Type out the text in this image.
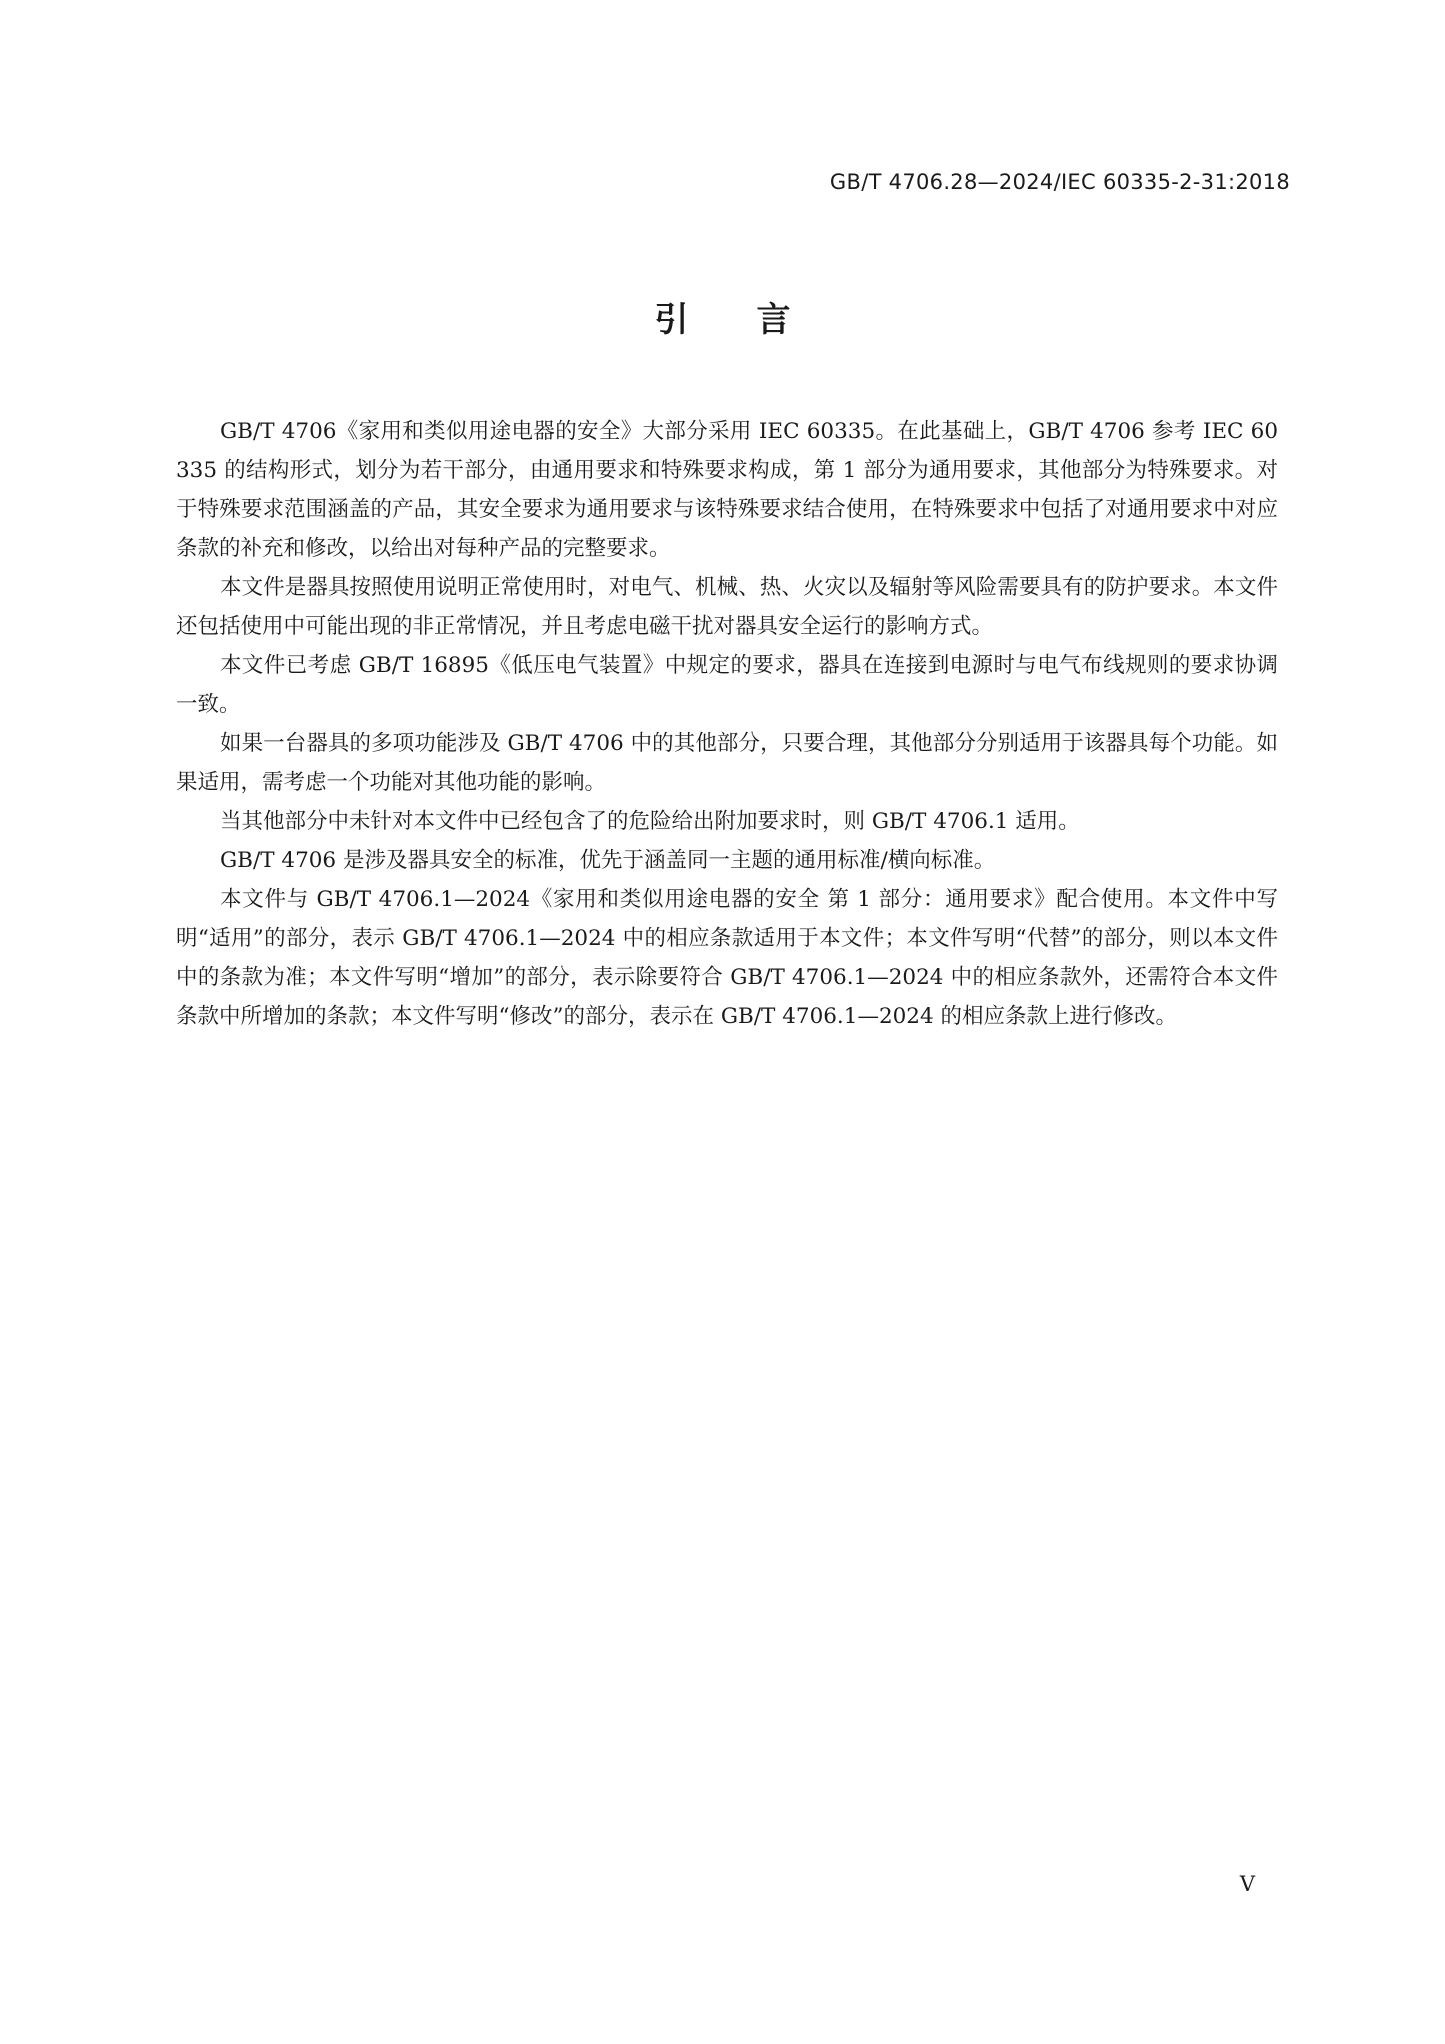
GB/T 4706.28—2024/IEC 60335-2-31:2018
引言

GB/T 4706《家用和类似用途电器的安全》大部分采用 IEC 60335。在此基础上，GB/T 4706 参考 IEC 60335 的结构形式，划分为若干部分，由通用要求和特殊要求构成，第 1 部分为通用要求，其他部分为特殊要求。对于特殊要求范围涵盖的产品，其安全要求为通用要求与该特殊要求结合使用，在特殊要求中包括了对通用要求中对应条款的补充和修改，以给出对每种产品的完整要求。

本文件是器具按照使用说明正常使用时，对电气、机械、热、火灾以及辐射等风险需要具有的防护要求。本文件还包括使用中可能出现的非正常情况，并且考虑电磁干扰对器具安全运行的影响方式。

本文件已考虑 GB/T 16895《低压电气装置》中规定的要求，器具在连接到电源时与电气布线规则的要求协调一致。

如果一台器具的多项功能涉及 GB/T 4706 中的其他部分，只要合理，其他部分分别适用于该器具每个功能。如果适用，需考虑一个功能对其他功能的影响。

当其他部分中未针对本文件中已经包含了的危险给出附加要求时，则 GB/T 4706.1 适用。

GB/T 4706 是涉及器具安全的标准，优先于涵盖同一主题的通用标准/横向标准。

本文件与 GB/T 4706.1—2024《家用和类似用途电器的安全 第 1 部分：通用要求》配合使用。本文件中写明“适用”的部分，表示 GB/T 4706.1—2024 中的相应条款适用于本文件；本文件写明“代替”的部分，则以本文件中的条款为准；本文件写明“增加”的部分，表示除要符合 GB/T 4706.1—2024 中的相应条款外，还需符合本文件条款中所增加的条款；本文件写明“修改”的部分，表示在 GB/T 4706.1—2024 的相应条款上进行修改。

V
